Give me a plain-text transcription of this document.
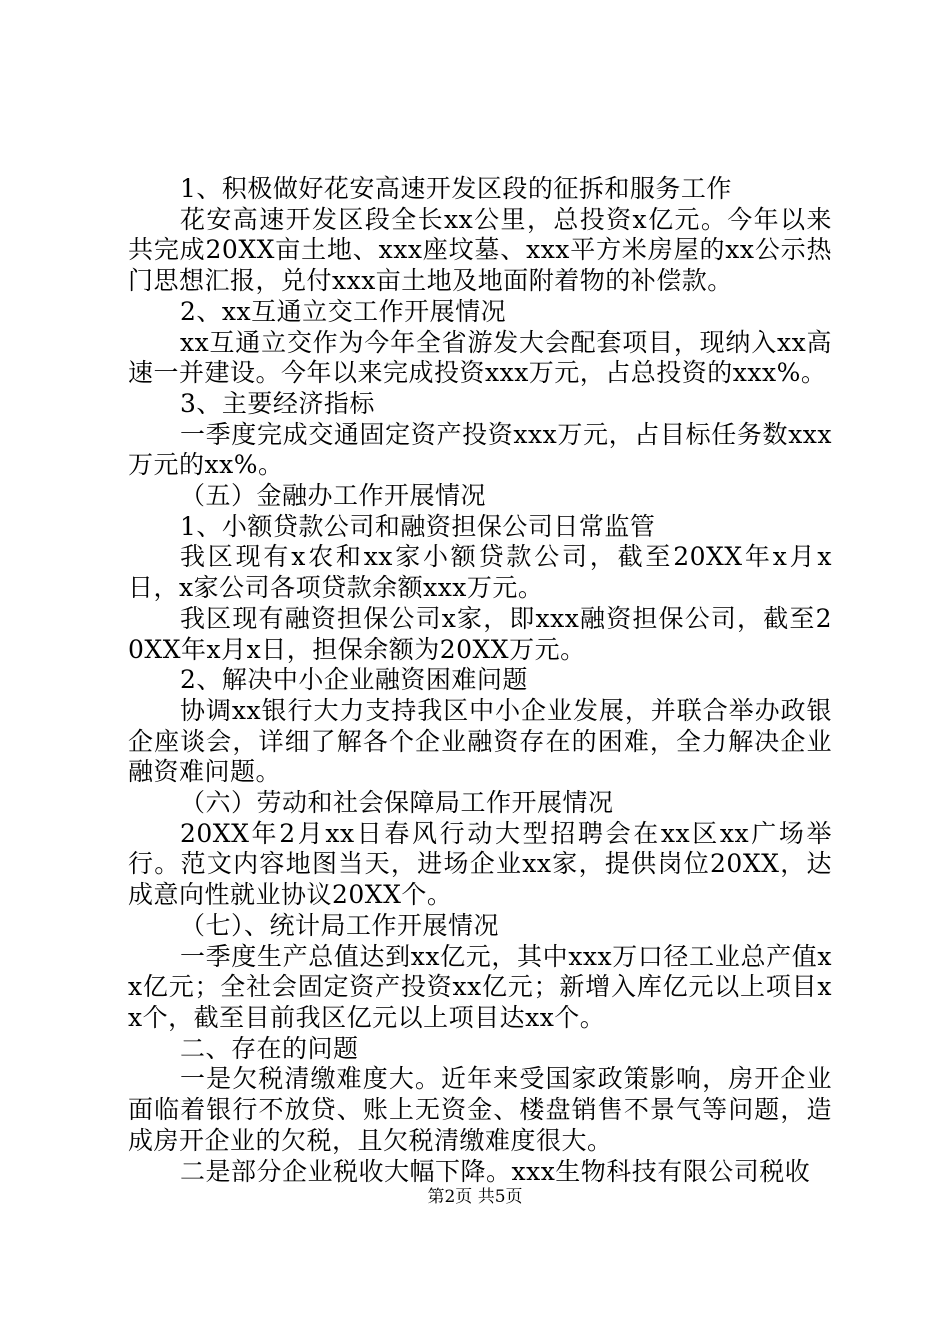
1、积极做好花安高速开发区段的征拆和服务工作

花安高速开发区段全长xx公里，总投资x亿元。今年以来共完成20XX亩土地、xxx座坟墓、xxx平方米房屋的xx公示热门思想汇报，兑付xxx亩土地及地面附着物的补偿款。

2、xx互通立交工作开展情况

xx互通立交作为今年全省游发大会配套项目，现纳入xx高速一并建设。今年以来完成投资xxx万元，占总投资的xxx%。

3、主要经济指标

一季度完成交通固定资产投资xxx万元，占目标任务数xxx万元的xx%。

（五）金融办工作开展情况

1、小额贷款公司和融资担保公司日常监管

我区现有x农和xx家小额贷款公司，截至20XX年x月x日，x家公司各项贷款余额xxx万元。

我区现有融资担保公司x家，即xxx融资担保公司，截至20XX年x月x日，担保余额为20XX万元。

2、解决中小企业融资困难问题

协调xx银行大力支持我区中小企业发展，并联合举办政银企座谈会，详细了解各个企业融资存在的困难，全力解决企业融资难问题。

（六）劳动和社会保障局工作开展情况

20XX年2月xx日春风行动大型招聘会在xx区xx广场举行。范文内容地图当天，进场企业xx家，提供岗位20XX，达成意向性就业协议20XX个。

（七）、统计局工作开展情况

一季度生产总值达到xx亿元，其中xxx万口径工业总产值xx亿元；全社会固定资产投资xx亿元；新增入库亿元以上项目xx个，截至目前我区亿元以上项目达xx个。

二、存在的问题

一是欠税清缴难度大。近年来受国家政策影响，房开企业面临着银行不放贷、账上无资金、楼盘销售不景气等问题，造成房开企业的欠税，且欠税清缴难度很大。

二是部分企业税收大幅下降。xxx生物科技有限公司税收

第2页 共5页
